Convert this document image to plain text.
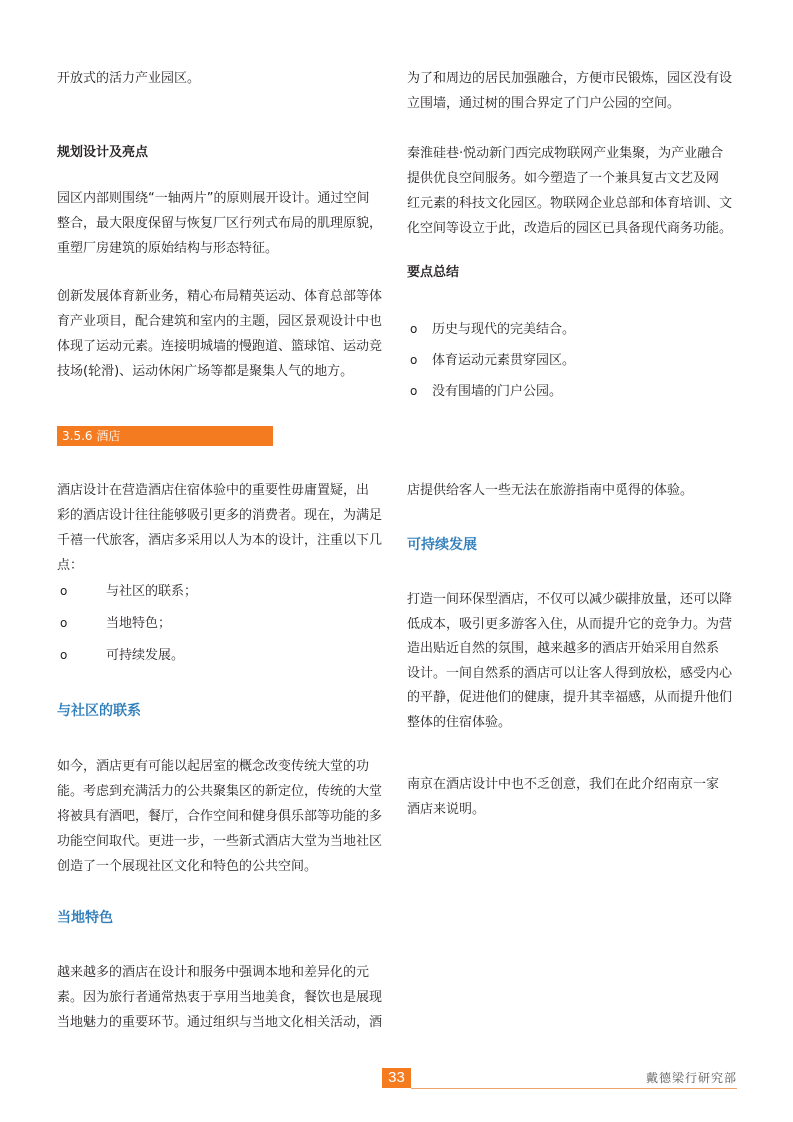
开放式的活力产业园区。

规划设计及亮点

园区内部则围绕“一轴两片”的原则展开设计。通过空间
整合，最大限度保留与恢复厂区行列式布局的肌理原貌，
重塑厂房建筑的原始结构与形态特征。

创新发展体育新业务，精心布局精英运动、体育总部等体
育产业项目，配合建筑和室内的主题，园区景观设计中也
体现了运动元素。连接明城墙的慢跑道、篮球馆、运动竞
技场(轮滑)、运动休闲广场等都是聚集人气的地方。

为了和周边的居民加强融合，方便市民锻炼，园区没有设
立围墙，通过树的围合界定了门户公园的空间。

秦淮硅巷·悦动新门西完成物联网产业集聚，为产业融合
提供优良空间服务。如今塑造了一个兼具复古文艺及网
红元素的科技文化园区。物联网企业总部和体育培训、文
化空间等设立于此，改造后的园区已具备现代商务功能。

要点总结

o 历史与现代的完美结合。
o 体育运动元素贯穿园区。
o 没有围墙的门户公园。
3.5.6 酒店

酒店设计在营造酒店住宿体验中的重要性毋庸置疑，出
彩的酒店设计往往能够吸引更多的消费者。现在，为满足
千禧一代旅客，酒店多采用以人为本的设计，注重以下几
点：

o	与社区的联系；
o	当地特色；
o	可持续发展。

与社区的联系

如今，酒店更有可能以起居室的概念改变传统大堂的功
能。考虑到充满活力的公共聚集区的新定位，传统的大堂
将被具有酒吧，餐厅，合作空间和健身俱乐部等功能的多
功能空间取代。更进一步，一些新式酒店大堂为当地社区
创造了一个展现社区文化和特色的公共空间。

当地特色

越来越多的酒店在设计和服务中强调本地和差异化的元
素。因为旅行者通常热衷于享用当地美食，餐饮也是展现
当地魅力的重要环节。通过组织与当地文化相关活动，酒

店提供给客人一些无法在旅游指南中觅得的体验。

可持续发展

打造一间环保型酒店，不仅可以减少碳排放量，还可以降
低成本，吸引更多游客入住，从而提升它的竞争力。为营
造出贴近自然的氛围，越来越多的酒店开始采用自然系
设计。一间自然系的酒店可以让客人得到放松，感受内心
的平静，促进他们的健康，提升其幸福感，从而提升他们
整体的住宿体验。

南京在酒店设计中也不乏创意，我们在此介绍南京一家
酒店来说明。

33	戴德梁行研究部
